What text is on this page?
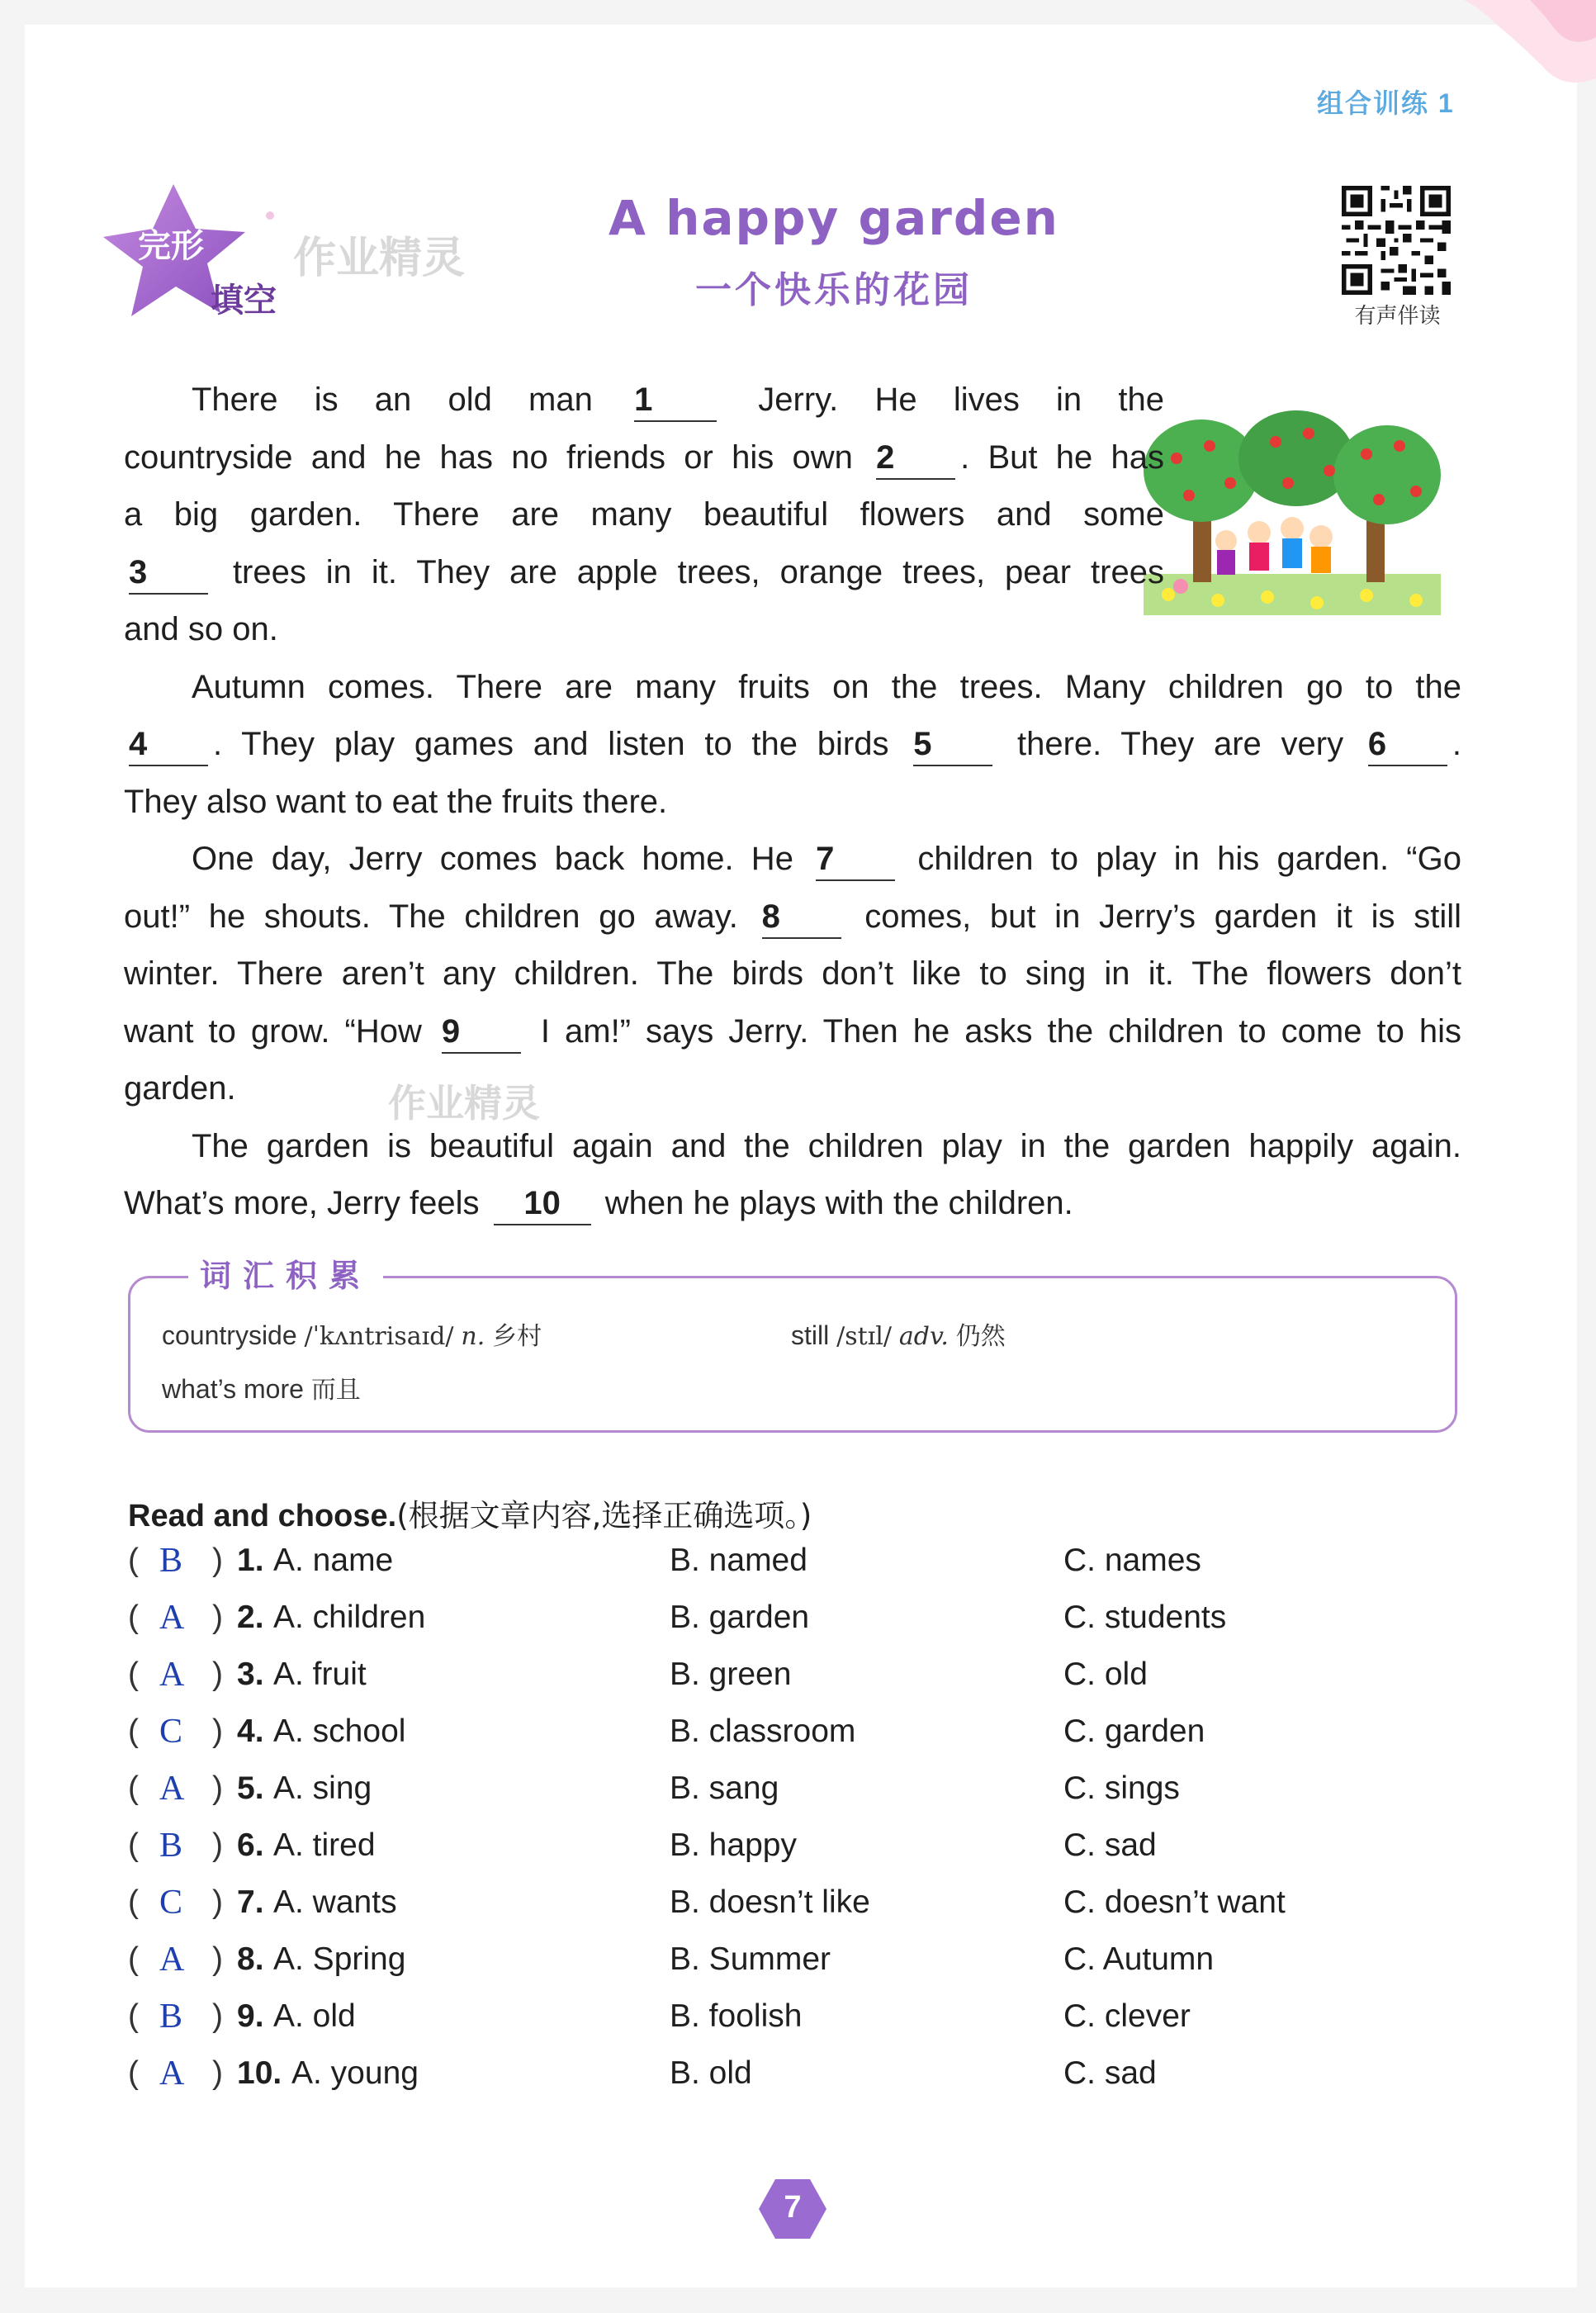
组合训练 1
完形
填空
作业精灵
作业精灵
A happy garden
一个快乐的花园
有声伴读
There is an old man 1	Jerry. He lives in the
countryside and he has no friends or his own 2 . But he has
a big garden. There are many beautiful flowers and some
3	trees in it. They are apple trees, orange trees, pear trees
and so on.
Autumn comes. There are many fruits on the trees. Many children go to the
4 . They play games and listen to the birds 5	there. They are very 6 .
They also want to eat the fruits there.
One day, Jerry comes back home. He 7	children to play in his garden. “Go
out!” he shouts. The children go away. 8	comes, but in Jerry’s garden it is still
winter. There aren’t any children. The birds don’t like to sing in it. The flowers don’t
want to grow. “How 9 I am!” says Jerry. Then he asks the children to come to his
garden.
The garden is beautiful again and the children play in the garden happily again.
What’s more, Jerry feels 10 when he plays with the children.
词汇积累
countryside /ˈkʌntrisaɪd/ n. 乡村	still /stɪl/ adv. 仍然
what’s more 而且
Read and choose.(根据文章内容,选择正确选项。)
( B ) 1. A. name	B. named	C. names
( A ) 2. A. children	B. garden	C. students
( A ) 3. A. fruit	B. green	C. old
( C ) 4. A. school	B. classroom	C. garden
( A ) 5. A. sing	B. sang	C. sings
( B ) 6. A. tired	B. happy	C. sad
( C ) 7. A. wants	B. doesn’t like	C. doesn’t want
( A ) 8. A. Spring	B. Summer	C. Autumn
( B ) 9. A. old	B. foolish	C. clever
( A ) 10. A. young	B. old	C. sad
7
